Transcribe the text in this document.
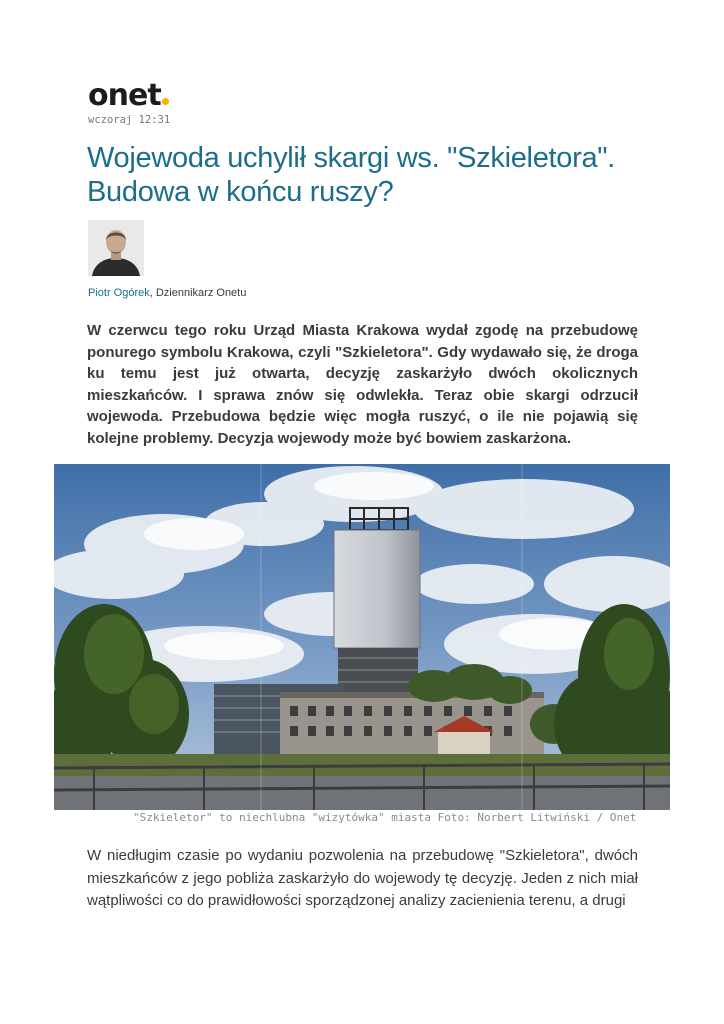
onet
wczoraj 12:31
Wojewoda uchylił skargi ws. "Szkieletora". Budowa w końcu ruszy?
Piotr Ogórek, Dziennikarz Onetu

W czerwcu tego roku Urząd Miasta Krakowa wydał zgodę na przebudowę ponurego symbolu Krakowa, czyli "Szkieletora". Gdy wydawało się, że droga ku temu jest już otwarta, decyzję zaskarżyło dwóch okolicznych mieszkańców. I sprawa znów się odwlekła. Teraz obie skargi odrzucił wojewoda. Przebudowa będzie więc mogła ruszyć, o ile nie pojawią się kolejne problemy. Decyzja wojewody może być bowiem zaskarżona.

"Szkieletor" to niechlubna "wizytówka" miasta Foto: Norbert Litwiński / Onet

W niedługim czasie po wydaniu pozwolenia na przebudowę "Szkieletora", dwóch mieszkańców z jego pobliża zaskarżyło do wojewody tę decyzję. Jeden z nich miał wątpliwości co do prawidłowości sporządzonej analizy zacienienia terenu, a drugi
